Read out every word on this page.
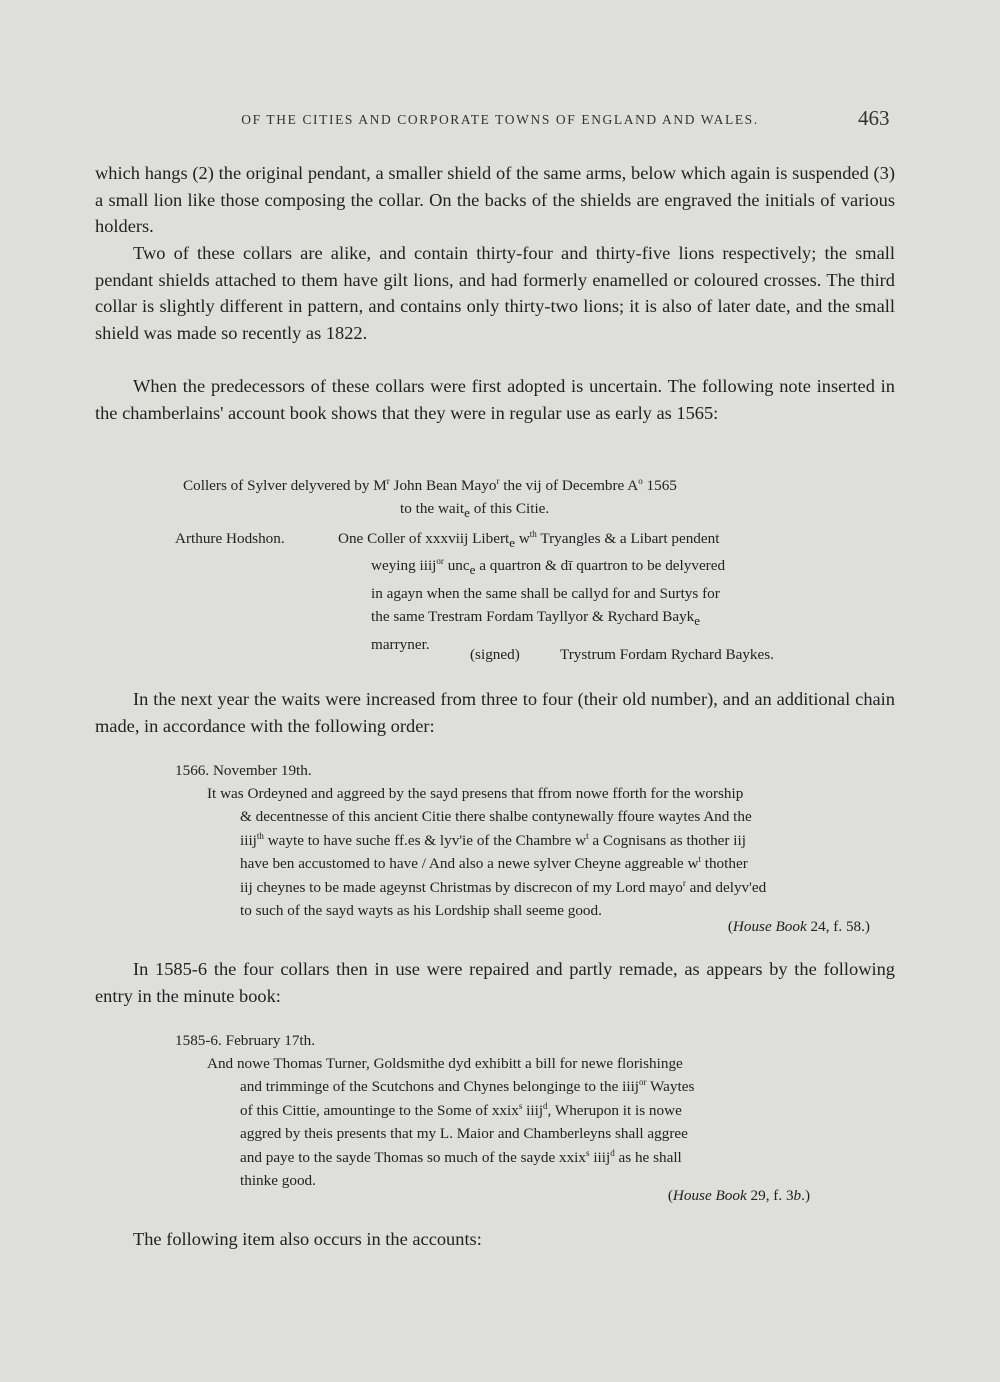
OF THE CITIES AND CORPORATE TOWNS OF ENGLAND AND WALES.	463

which hangs (2) the original pendant, a smaller shield of the same arms, below which again is suspended (3) a small lion like those composing the collar. On the backs of the shields are engraved the initials of various holders.

Two of these collars are alike, and contain thirty-four and thirty-five lions respectively; the small pendant shields attached to them have gilt lions, and had formerly enamelled or coloured crosses. The third collar is slightly different in pattern, and contains only thirty-two lions; it is also of later date, and the small shield was made so recently as 1822.

When the predecessors of these collars were first adopted is uncertain. The following note inserted in the chamberlains' account book shows that they were in regular use as early as 1565:

Collers of Sylver delyvered by $M^r$ John Bean Mayo$^r$ the vij of Decembre $A^o$ 1565
to the waite of this Citie.
Arthure Hodshon.	One Coller of xxxviij Liberte $w^{th}$ Tryangles & a Libart pendent
weying iiij$^{or}$ unce a quartron & dī quartron to be delyvered
in agayn when the same shall be callyd for and Surtys for
the same Trestram Fordam Tayllyor & Rychard Bayke
marryner.
(signed)	Trystrum Fordam Rychard Baykes.

In the next year the waits were increased from three to four (their old number), and an additional chain made, in accordance with the following order:

1566. November 19th.
It was Ordeyned and aggreed by the sayd presens that ffrom nowe fforth for the worship
& decentnesse of this ancient Citie there shalbe contynewally ffoure waytes And the
iiij$^{th}$ wayte to have suche ff.es & lyv'ie of the Chambre $w^t$ a Cognisans as thother iij
have ben accustomed to have / And also a newe sylver Cheyne aggreable $w^t$ thother
iij cheynes to be made ageynst Christmas by discrecon of my Lord mayo$^r$ and delyv'ed
to such of the sayd wayts as his Lordship shall seeme good.
(House Book 24, f. 58.)

In 1585-6 the four collars then in use were repaired and partly remade, as appears by the following entry in the minute book:

1585-6. February 17th.
And nowe Thomas Turner, Goldsmithe dyd exhibitt a bill for newe florishinge
and trimminge of the Scutchons and Chynes belonginge to the iiij$^{or}$ Waytes
of this Cittie, amountinge to the Some of xxix$^s$ iiij$^d$, Wherupon it is nowe
aggred by theis presents that my L. Maior and Chamberleyns shall aggree
and paye to the sayde Thomas so much of the sayde xxix$^s$ iiij$^d$ as he shall
thinke good.
(House Book 29, f. 3b.)

The following item also occurs in the accounts:
